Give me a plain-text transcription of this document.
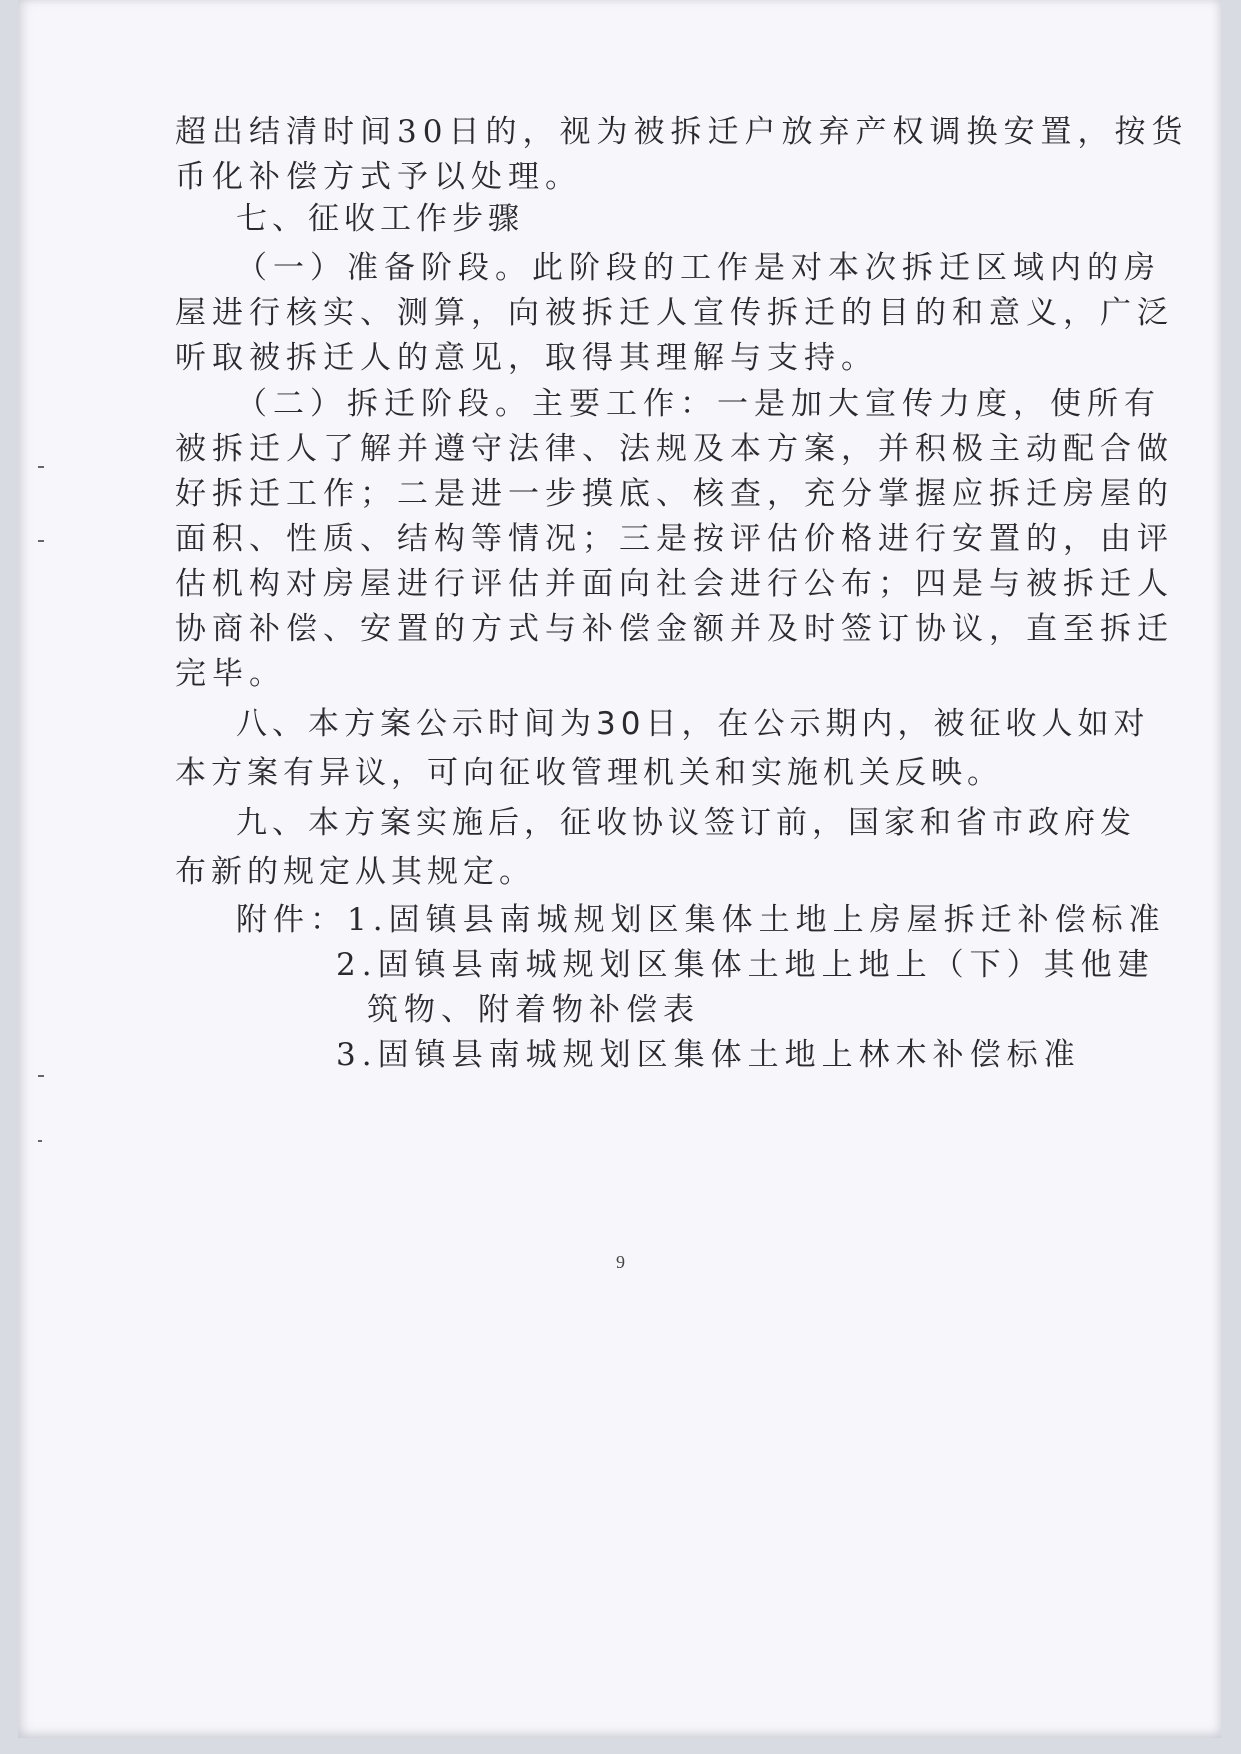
超出结清时间30日的，视为被拆迁户放弃产权调换安置，按货
币化补偿方式予以处理。
七、征收工作步骤
（一）准备阶段。此阶段的工作是对本次拆迁区域内的房
屋进行核实、测算，向被拆迁人宣传拆迁的目的和意义，广泛
听取被拆迁人的意见，取得其理解与支持。
（二）拆迁阶段。主要工作：一是加大宣传力度，使所有
被拆迁人了解并遵守法律、法规及本方案，并积极主动配合做
好拆迁工作；二是进一步摸底、核查，充分掌握应拆迁房屋的
面积、性质、结构等情况；三是按评估价格进行安置的，由评
估机构对房屋进行评估并面向社会进行公布；四是与被拆迁人
协商补偿、安置的方式与补偿金额并及时签订协议，直至拆迁
完毕。
八、本方案公示时间为30日，在公示期内，被征收人如对
本方案有异议，可向征收管理机关和实施机关反映。
九、本方案实施后，征收协议签订前，国家和省市政府发
布新的规定从其规定。
附件：1.固镇县南城规划区集体土地上房屋拆迁补偿标准
2.固镇县南城规划区集体土地上地上（下）其他建
筑物、附着物补偿表
3.固镇县南城规划区集体土地上林木补偿标准
9
